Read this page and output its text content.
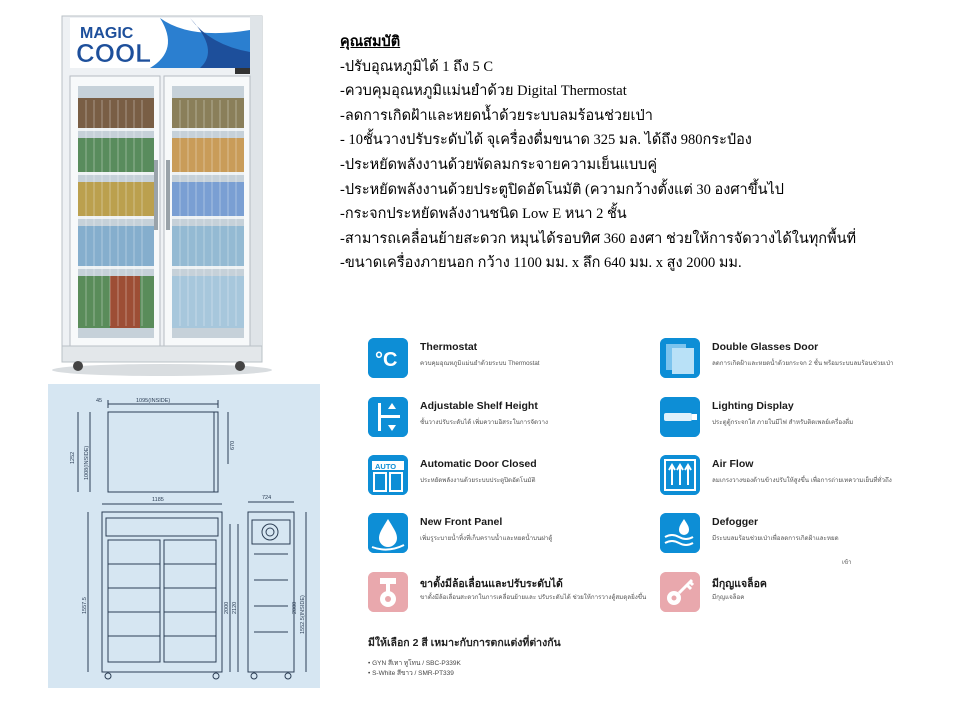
MAGIC
COOL	คุณสมบัติ
-ปรับอุณหภูมิได้ 1 ถึง 5 C
-ควบคุมอุณหภูมิแม่นยำด้วย Digital Thermostat
-ลดการเกิดฝ้าและหยดน้ำด้วยระบบลมร้อนช่วยเป่า
- 10ชั้นวางปรับระดับได้ จุเครื่องดื่มขนาด 325 มล. ได้ถึง 980กระป๋อง
-ประหยัดพลังงานด้วยพัดลมกระจายความเย็นแบบคู่
-ประหยัดพลังงานด้วยประตูปิดอัตโนมัติ (ความกว้างตั้งแต่ 30 องศาขึ้นไป
-กระจกประหยัดพลังงานชนิด Low E หนา 2 ชั้น
-สามารถเคลื่อนย้ายสะดวก หมุนได้รอบทิศ 360 องศา ช่วยให้การจัดวางได้ในทุกพื้นที่
-ขนาดเครื่องภายนอก กว้าง 1100 มม. x ลึก 640 มม. x สูง 2000 มม.
45	1095(INSIDE)
1252 1008(INSIDE)
670
1185	724
2000 2120
1557.5	2000 1552.5(INSIDE)
°C
Thermostat
ควบคุมอุณหภูมิแม่นยำด้วยระบบ Thermostat
Double Glasses Door
ลดการเกิดฝ้าและหยดน้ำด้วยกระจก 2 ชั้น พร้อมระบบลมร้อนช่วยเป่า
Adjustable Shelf Height
ชั้นวางปรับระดับได้ เพิ่มความอิสระในการจัดวาง
Lighting Display
ประตูตู้กระจกใส ภายในมีไฟ สำหรับติดเพลย์เครื่องดื่ม
AUTO Automatic Door Closed
ประหยัดพลังงานด้วยระบบประตูปิดอัตโนมัติ
Air Flow
ลมเกรงวางของด้านข้างปรับให้สูงขึ้น เพื่อการถ่ายเทความเย็นที่ทั่วถึง
New Front Panel
เพิ่มรูระบายน้ำทิ้งที่เก็บคราบน้ำและหยดน้ำบนฝาตู้
Defogger
มีระบบลมร้อนช่วยเป่าเพื่อลดการเกิดฝ้าและหยด
เข้า
ขาตั้งมีล้อเลื่อนและปรับระดับได้
ขาตั้งมีล้อเลื่อนสะดวกในการเคลื่อนย้ายและ ปรับระดับได้ ช่วยให้การวางตู้สมดุลยิ่งขึ้น
มีกุญแจล็อค
มีกุญแจล็อค
มีให้เลือก 2 สี เหมาะกับการตกแต่งที่ต่างกัน
• GYN สีเทา ทูโทน / SBC-P339K
• S-White สีขาว / SMR-PT339
